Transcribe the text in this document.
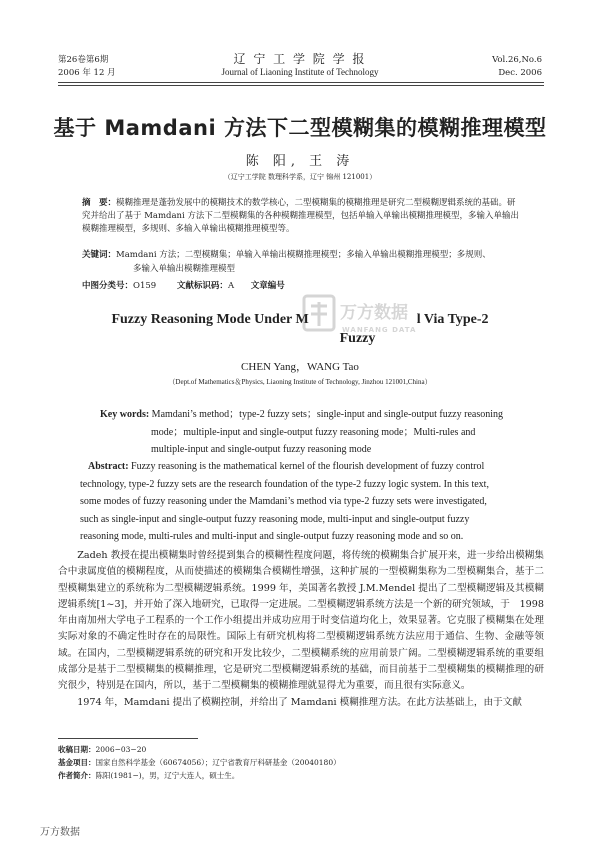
第26卷第6期
2006 年 12 月
辽 宁 工 学 院 学 报
Journal of Liaoning Institute of Technology
Vol.26,No.6
Dec. 2006
基于 Mamdani 方法下二型模糊集的模糊推理模型
陈 阳, 王 涛
（辽宁工学院 数理科学系，辽宁 锦州 121001）
摘　要：模糊推理是蓬勃发展中的模糊技术的数学核心，二型模糊集的模糊推理是研究二型模糊逻辑系统的基础。研究并给出了基于 Mamdani 方法下二型模糊集的各种模糊推理模型，包括单输入单输出模糊推理模型，多输入单输出模糊推理模型，多规则、多输入单输出模糊推理模型等。
关键词：Mamdani 方法；二型模糊集；单输入单输出模糊推理模型；多输入单输出模糊推理模型；多规则、
多输入单输出模糊推理模型
中图分类号：O159 文献标识码：A 文章编号
Fuzzy Reasoning Mode Under M	l Via Type-2
Fuzzy
万方数据
WANFANG DATA
CHEN Yang，WANG Tao
（Dept.of Mathematics＆Physics, Liaoning Institute of Technology, Jinzhou 121001,China）
Key words: Mamdani’s method；type-2 fuzzy sets；single-input and single-output fuzzy reasoning
mode；multiple-input and single-output fuzzy reasoning mode；Multi-rules and
multiple-input and single-output fuzzy reasoning mode
Abstract: Fuzzy reasoning is the mathematical kernel of the flourish development of fuzzy control
technology, type-2 fuzzy sets are the research foundation of the type-2 fuzzy logic system. In this text,
some modes of fuzzy reasoning under the Mamdani’s method via type-2 fuzzy sets were investigated,
such as single-input and single-output fuzzy reasoning mode, multi-input and single-output fuzzy
reasoning mode, multi-rules and multi-input and single-output fuzzy reasoning mode and so on.

Zadeh 教授在提出模糊集时曾经提到集合的模糊性程度问题，将传统的模糊集合扩展开来，进一步给出模糊集合中隶属度值的模糊程度，从而使描述的模糊集合模糊性增强，这种扩展的一型模糊集称为二型模糊集合，基于二型模糊集建立的系统称为二型模糊逻辑系统。1999 年，美国著名教授 J.M.Mendel 提出了二型模糊逻辑及其模糊逻辑系统[1~3]，并开始了深入地研究，已取得一定进展。二型模糊逻辑系统方法是一个新的研究领域，于　1998 年由南加州大学电子工程系的一个工作小组提出并成功应用于时变信道均化上，效果显著。它克服了模糊集在处理实际对象的不确定性时存在的局限性。国际上有研究机构将二型模糊逻辑系统方法应用于通信、生物、金融等领域。在国内，二型模糊逻辑系统的研究和开发比较少，二型模糊系统的应用前景广阔。二型模糊逻辑系统的重要组成部分是基于二型模糊集的模糊推理，它是研究二型模糊逻辑系统的基础，而目前基于二型模糊集的模糊推理的研究很少，特别是在国内，所以，基于二型模糊集的模糊推理就显得尤为重要，而且很有实际意义。

1974 年，Mamdani 提出了模糊控制，并给出了 Mamdani 模糊推理方法。在此方法基础上，由于文献

收稿日期：2006−03−20
基金项目：国家自然科学基金（60674056）；辽宁省教育厅科研基金（20040180）
作者简介：陈阳(1981−)，男，辽宁大连人，硕士生。
万方数据
